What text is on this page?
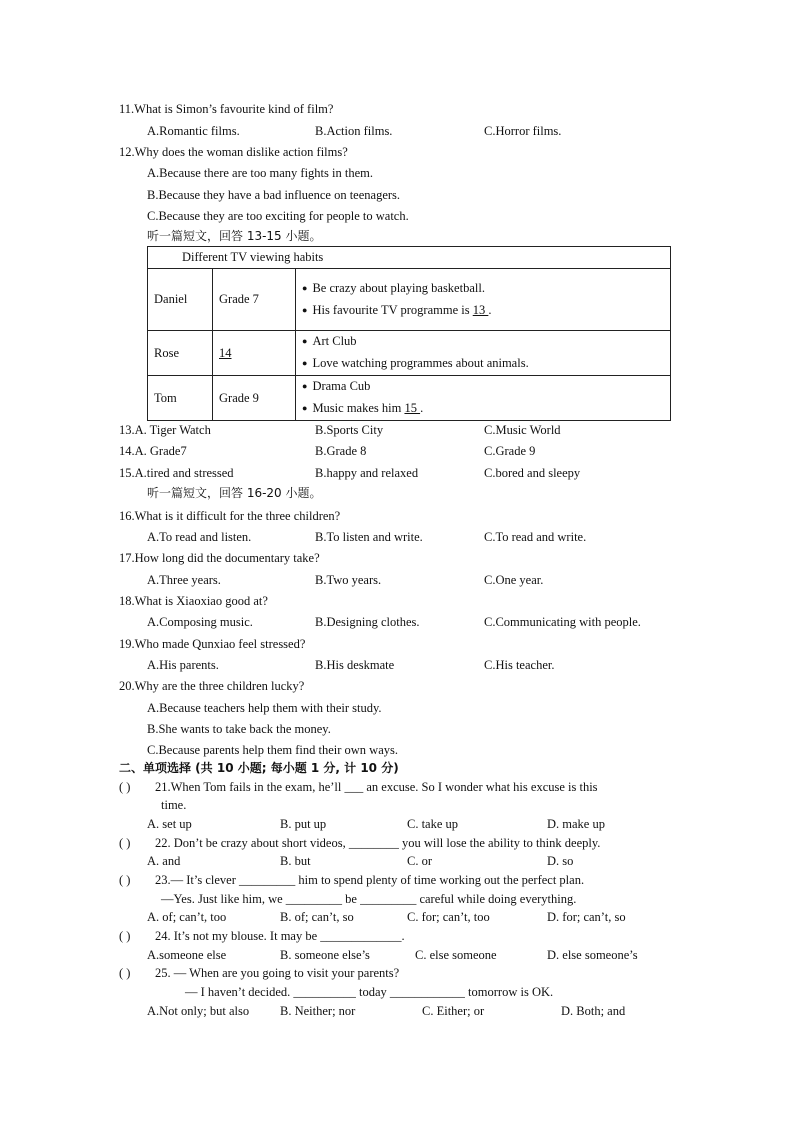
11.What is Simon’s favourite kind of film?
A.Romantic films.	B.Action films.	C.Horror films.
12.Why does the woman dislike action films?
A.Because there are too many fights in them.
B.Because they have a bad influence on teenagers.
C.Because they are too exciting for people to watch.
听一篇短文，回答 13-15 小题。
Different TV viewing habits		
Daniel	Grade 7	● Be crazy about playing basketball.
● His favourite TV programme is 13 .

Rose	14	● Art Club
● Love watching programmes about animals.

Tom	Grade 9	● Drama Cub
● Music makes him 15 .
13.A. Tiger Watch	B.Sports City	C.Music World
14.A. Grade7	B.Grade 8	C.Grade 9
15.A.tired and stressed	B.happy and relaxed	C.bored and sleepy
听一篇短文，回答 16-20 小题。
16.What is it difficult for the three children?
A.To read and listen.	B.To listen and write.	C.To read and write.
17.How long did the documentary take?
A.Three years.	B.Two years.	C.One year.
18.What is Xiaoxiao good at?
A.Composing music.	B.Designing clothes.	C.Communicating with people.
19.Who made Qunxiao feel stressed?
A.His parents.	B.His deskmate	C.His teacher.
20.Why are the three children lucky?
A.Because teachers help them with their study.
B.She wants to take back the money.
C.Because parents help them find their own ways.
二、单项选择 (共 10 小题; 每小题 1 分, 计 10 分)
( ) 21.When Tom fails in the exam, he’ll ___ an excuse. So I wonder what his excuse is this
time.
A. set up	B. put up	C. take up	D. make up
( ) 22. Don’t be crazy about short videos, ________ you will lose the ability to think deeply.
A. and	B. but	C. or	D. so
( ) 23.— It’s clever _________ him to spend plenty of time working out the perfect plan.
—Yes. Just like him, we _________ be _________ careful while doing everything.
A. of; can’t, too	B. of; can’t, so	C. for; can’t, too	D. for; can’t, so
( ) 24. It’s not my blouse. It may be _____________.
A.someone else	B. someone else’s	C. else someone	D. else someone’s
( ) 25. — When are you going to visit your parents?
— I haven’t decided. __________ today ____________ tomorrow is OK.
A.Not only; but also B. Neither; nor	C. Either; or	D. Both; and
